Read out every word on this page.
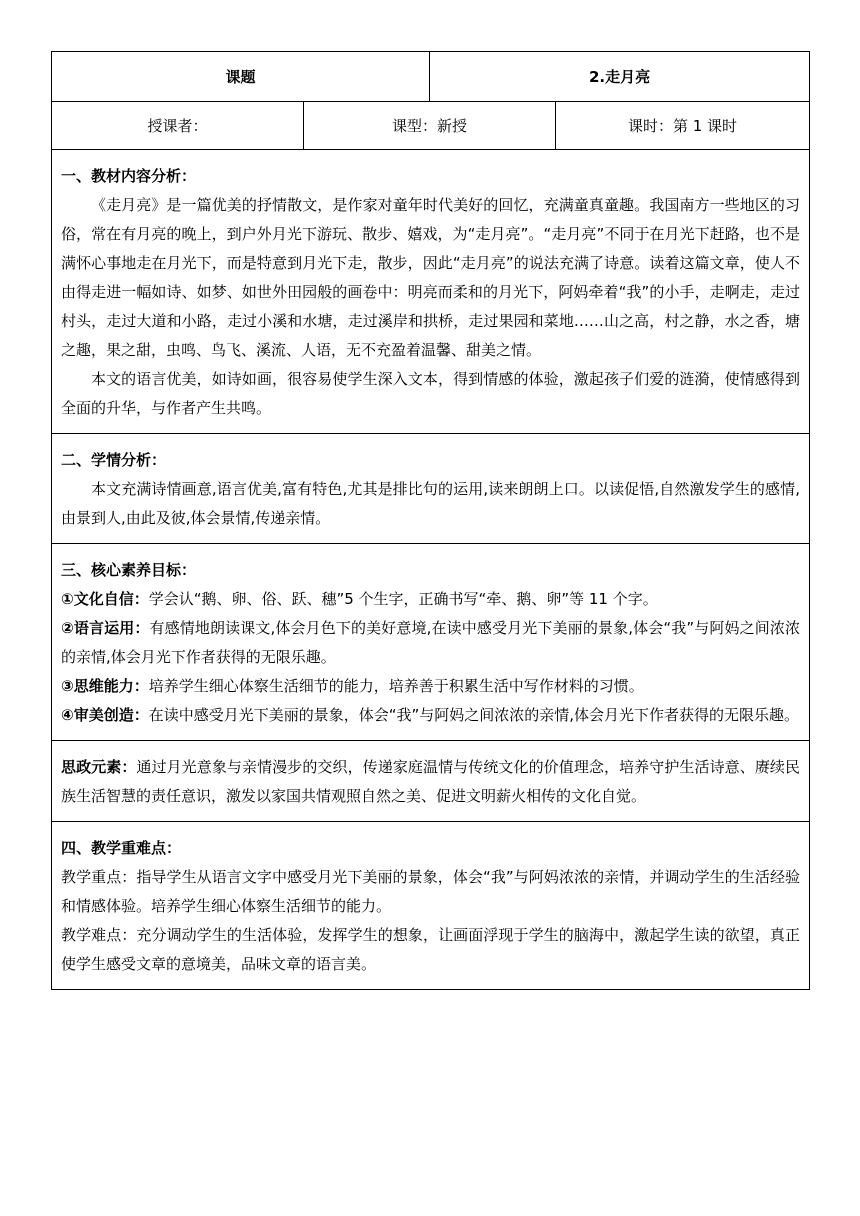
课题		2.走月亮	
授课者：	课型：新授		课时：第 1 课时

一、教材内容分析：

《走月亮》是一篇优美的抒情散文，是作家对童年时代美好的回忆，充满童真童趣。我国南方一些地区的习俗，常在有月亮的晚上，到户外月光下游玩、散步、嬉戏，为“走月亮”。“走月亮”不同于在月光下赶路，也不是满怀心事地走在月光下，而是特意到月光下走，散步，因此“走月亮”的说法充满了诗意。读着这篇文章，使人不由得走进一幅如诗、如梦、如世外田园般的画卷中：明亮而柔和的月光下，阿妈牵着“我”的小手，走啊走，走过村头，走过大道和小路，走过小溪和水塘，走过溪岸和拱桥，走过果园和菜地……山之高，村之静，水之香，塘之趣，果之甜，虫鸣、鸟飞、溪流、人语，无不充盈着温馨、甜美之情。

本文的语言优美，如诗如画，很容易使学生深入文本，得到情感的体验，激起孩子们爱的涟漪，使情感得到全面的升华，与作者产生共鸣。			

二、学情分析：

本文充满诗情画意,语言优美,富有特色,尤其是排比句的运用,读来朗朗上口。以读促悟,自然激发学生的感情,由景到人,由此及彼,体会景情,传递亲情。			

三、核心素养目标：

①文化自信：学会认“鹅、卵、俗、跃、穗”5 个生字，正确书写“牵、鹅、卵”等 11 个字。

②语言运用：有感情地朗读课文,体会月色下的美好意境,在读中感受月光下美丽的景象,体会“我”与阿妈之间浓浓的亲情,体会月光下作者获得的无限乐趣。

③思维能力：培养学生细心体察生活细节的能力，培养善于积累生活中写作材料的习惯。

④审美创造：在读中感受月光下美丽的景象，体会“我”与阿妈之间浓浓的亲情,体会月光下作者获得的无限乐趣。			

思政元素：通过月光意象与亲情漫步的交织，传递家庭温情与传统文化的价值理念，培养守护生活诗意、赓续民族生活智慧的责任意识，激发以家国共情观照自然之美、促进文明薪火相传的文化自觉。			

四、教学重难点：

教学重点：指导学生从语言文字中感受月光下美丽的景象，体会“我”与阿妈浓浓的亲情，并调动学生的生活经验和情感体验。培养学生细心体察生活细节的能力。

教学难点：充分调动学生的生活体验，发挥学生的想象，让画面浮现于学生的脑海中，激起学生读的欲望，真正使学生感受文章的意境美，品味文章的语言美。			
